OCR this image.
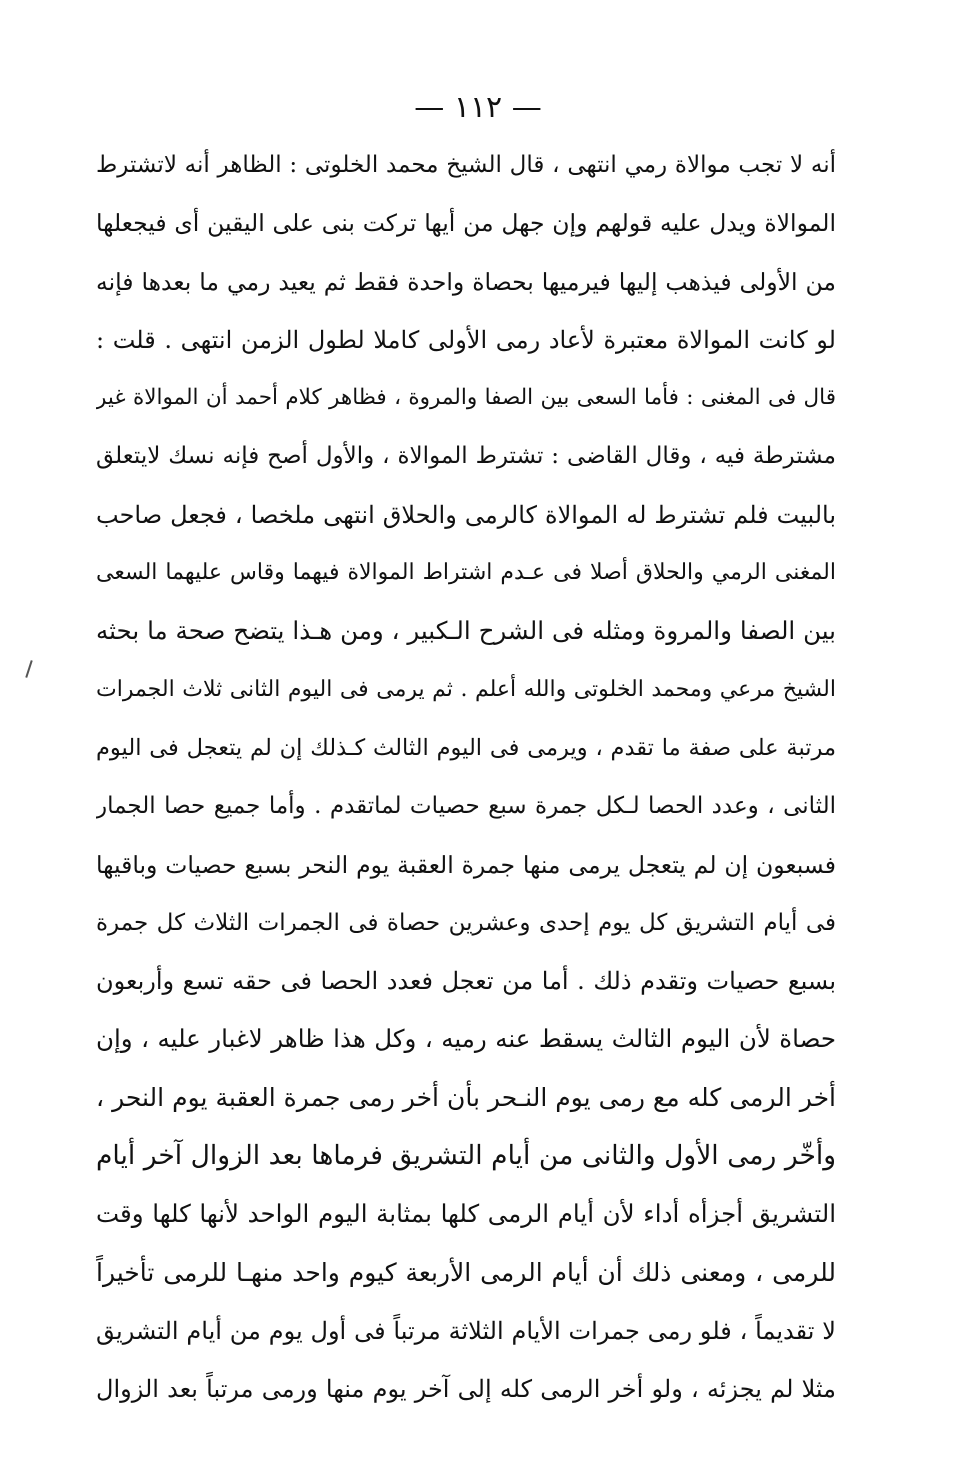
— ١١٢ —
أنه لا تجب موالاة رمي انتهى ، قال الشيخ محمد الخلوتى : الظاهر أنه لاتشترط
الموالاة ويدل عليه قولهم وإن جهل من أيها تركت بنى على اليقين أى فيجعلها
من الأولى فيذهب إليها فيرميها بحصاة واحدة فقط ثم يعيد رمي ما بعدها فإنه
لو كانت الموالاة معتبرة لأعاد رمى الأولى كاملا لطول الزمن انتهى . قلت :
قال فى المغنى : فأما السعى بين الصفا والمروة ، فظاهر كلام أحمد أن الموالاة غير
مشترطة فيه ، وقال القاضى : تشترط الموالاة ، والأول أصح فإنه نسك لايتعلق
بالبيت فلم تشترط له الموالاة كالرمى والحلاق انتهى ملخصا ، فجعل صاحب
المغنى الرمي والحلاق أصلا فى عـدم اشتراط الموالاة فيهما وقاس عليهما السعى
بين الصفا والمروة ومثله فى الشرح الـكبير ، ومن هـذا يتضح صحة ما بحثه
الشيخ مرعي ومحمد الخلوتى والله أعلم . ثم يرمى فى اليوم الثانى ثلاث الجمرات
مرتبة على صفة ما تقدم ، ويرمى فى اليوم الثالث كـذلك إن لم يتعجل فى اليوم
الثانى ، وعدد الحصا لـكل جمرة سبع حصيات لماتقدم . وأما جميع حصا الجمار
فسبعون إن لم يتعجل يرمى منها جمرة العقبة يوم النحر بسبع حصيات وباقيها
فى أيام التشريق كل يوم إحدى وعشرين حصاة فى الجمرات الثلاث كل جمرة
بسبع حصيات وتقدم ذلك . أما من تعجل فعدد الحصا فى حقه تسع وأربعون
حصاة لأن اليوم الثالث يسقط عنه رميه ، وكل هذا ظاهر لاغبار عليه ، وإن
أخر الرمى كله مع رمى يوم النـحر بأن أخر رمى جمرة العقبة يوم النحر ،
وأخّر رمى الأول والثانى من أيام التشريق فرماها بعد الزوال آخر أيام
التشريق أجزأه أداء لأن أيام الرمى كلها بمثابة اليوم الواحد لأنها كلها وقت
للرمى ، ومعنى ذلك أن أيام الرمى الأربعة كيوم واحد منهـا للرمى تأخيراً
لا تقديماً ، فلو رمى جمرات الأيام الثلاثة مرتباً فى أول يوم من أيام التشريق
مثلا لم يجزئه ، ولو أخر الرمى كله إلى آخر يوم منها ورمى مرتباً بعد الزوال
